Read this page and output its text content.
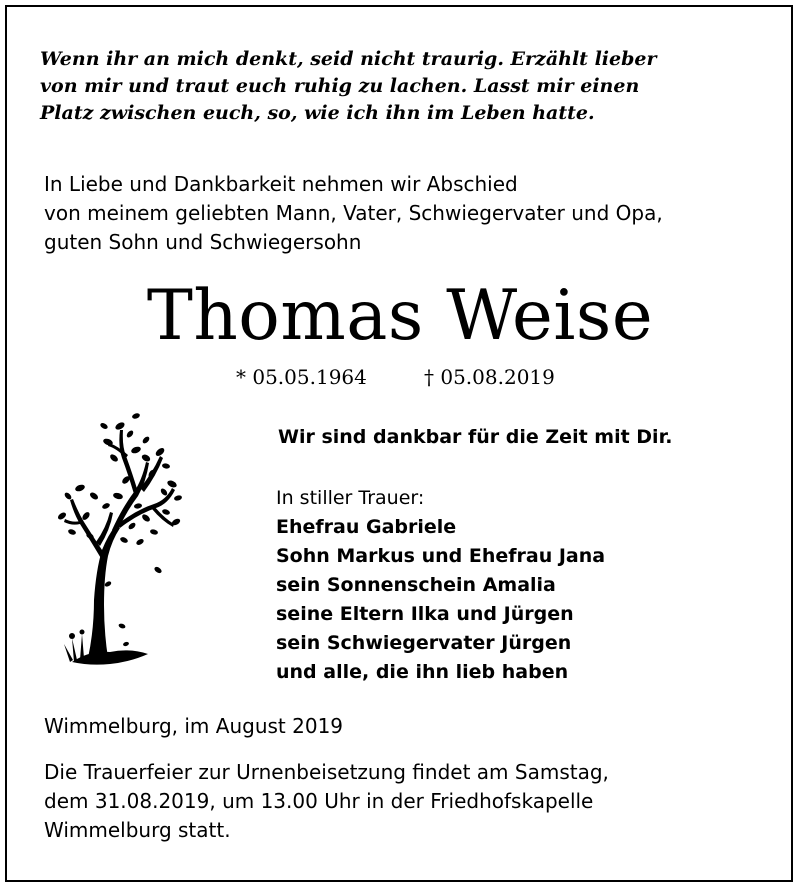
Wenn ihr an mich denkt, seid nicht traurig. Erzählt lieber
von mir und traut euch ruhig zu lachen. Lasst mir einen
Platz zwischen euch, so, wie ich ihn im Leben hatte.
In Liebe und Dankbarkeit nehmen wir Abschied
von meinem geliebten Mann, Vater, Schwiegervater und Opa,
guten Sohn und Schwiegersohn
Thomas Weise
* 05.05.1964	† 05.08.2019
Wir sind dankbar für die Zeit mit Dir.
In stiller Trauer:
Ehefrau Gabriele
Sohn Markus und Ehefrau Jana
sein Sonnenschein Amalia
seine Eltern Ilka und Jürgen
sein Schwiegervater Jürgen
und alle, die ihn lieb haben
Wimmelburg, im August 2019
Die Trauerfeier zur Urnenbeisetzung findet am Samstag,
dem 31.08.2019, um 13.00 Uhr in der Friedhofskapelle
Wimmelburg statt.
